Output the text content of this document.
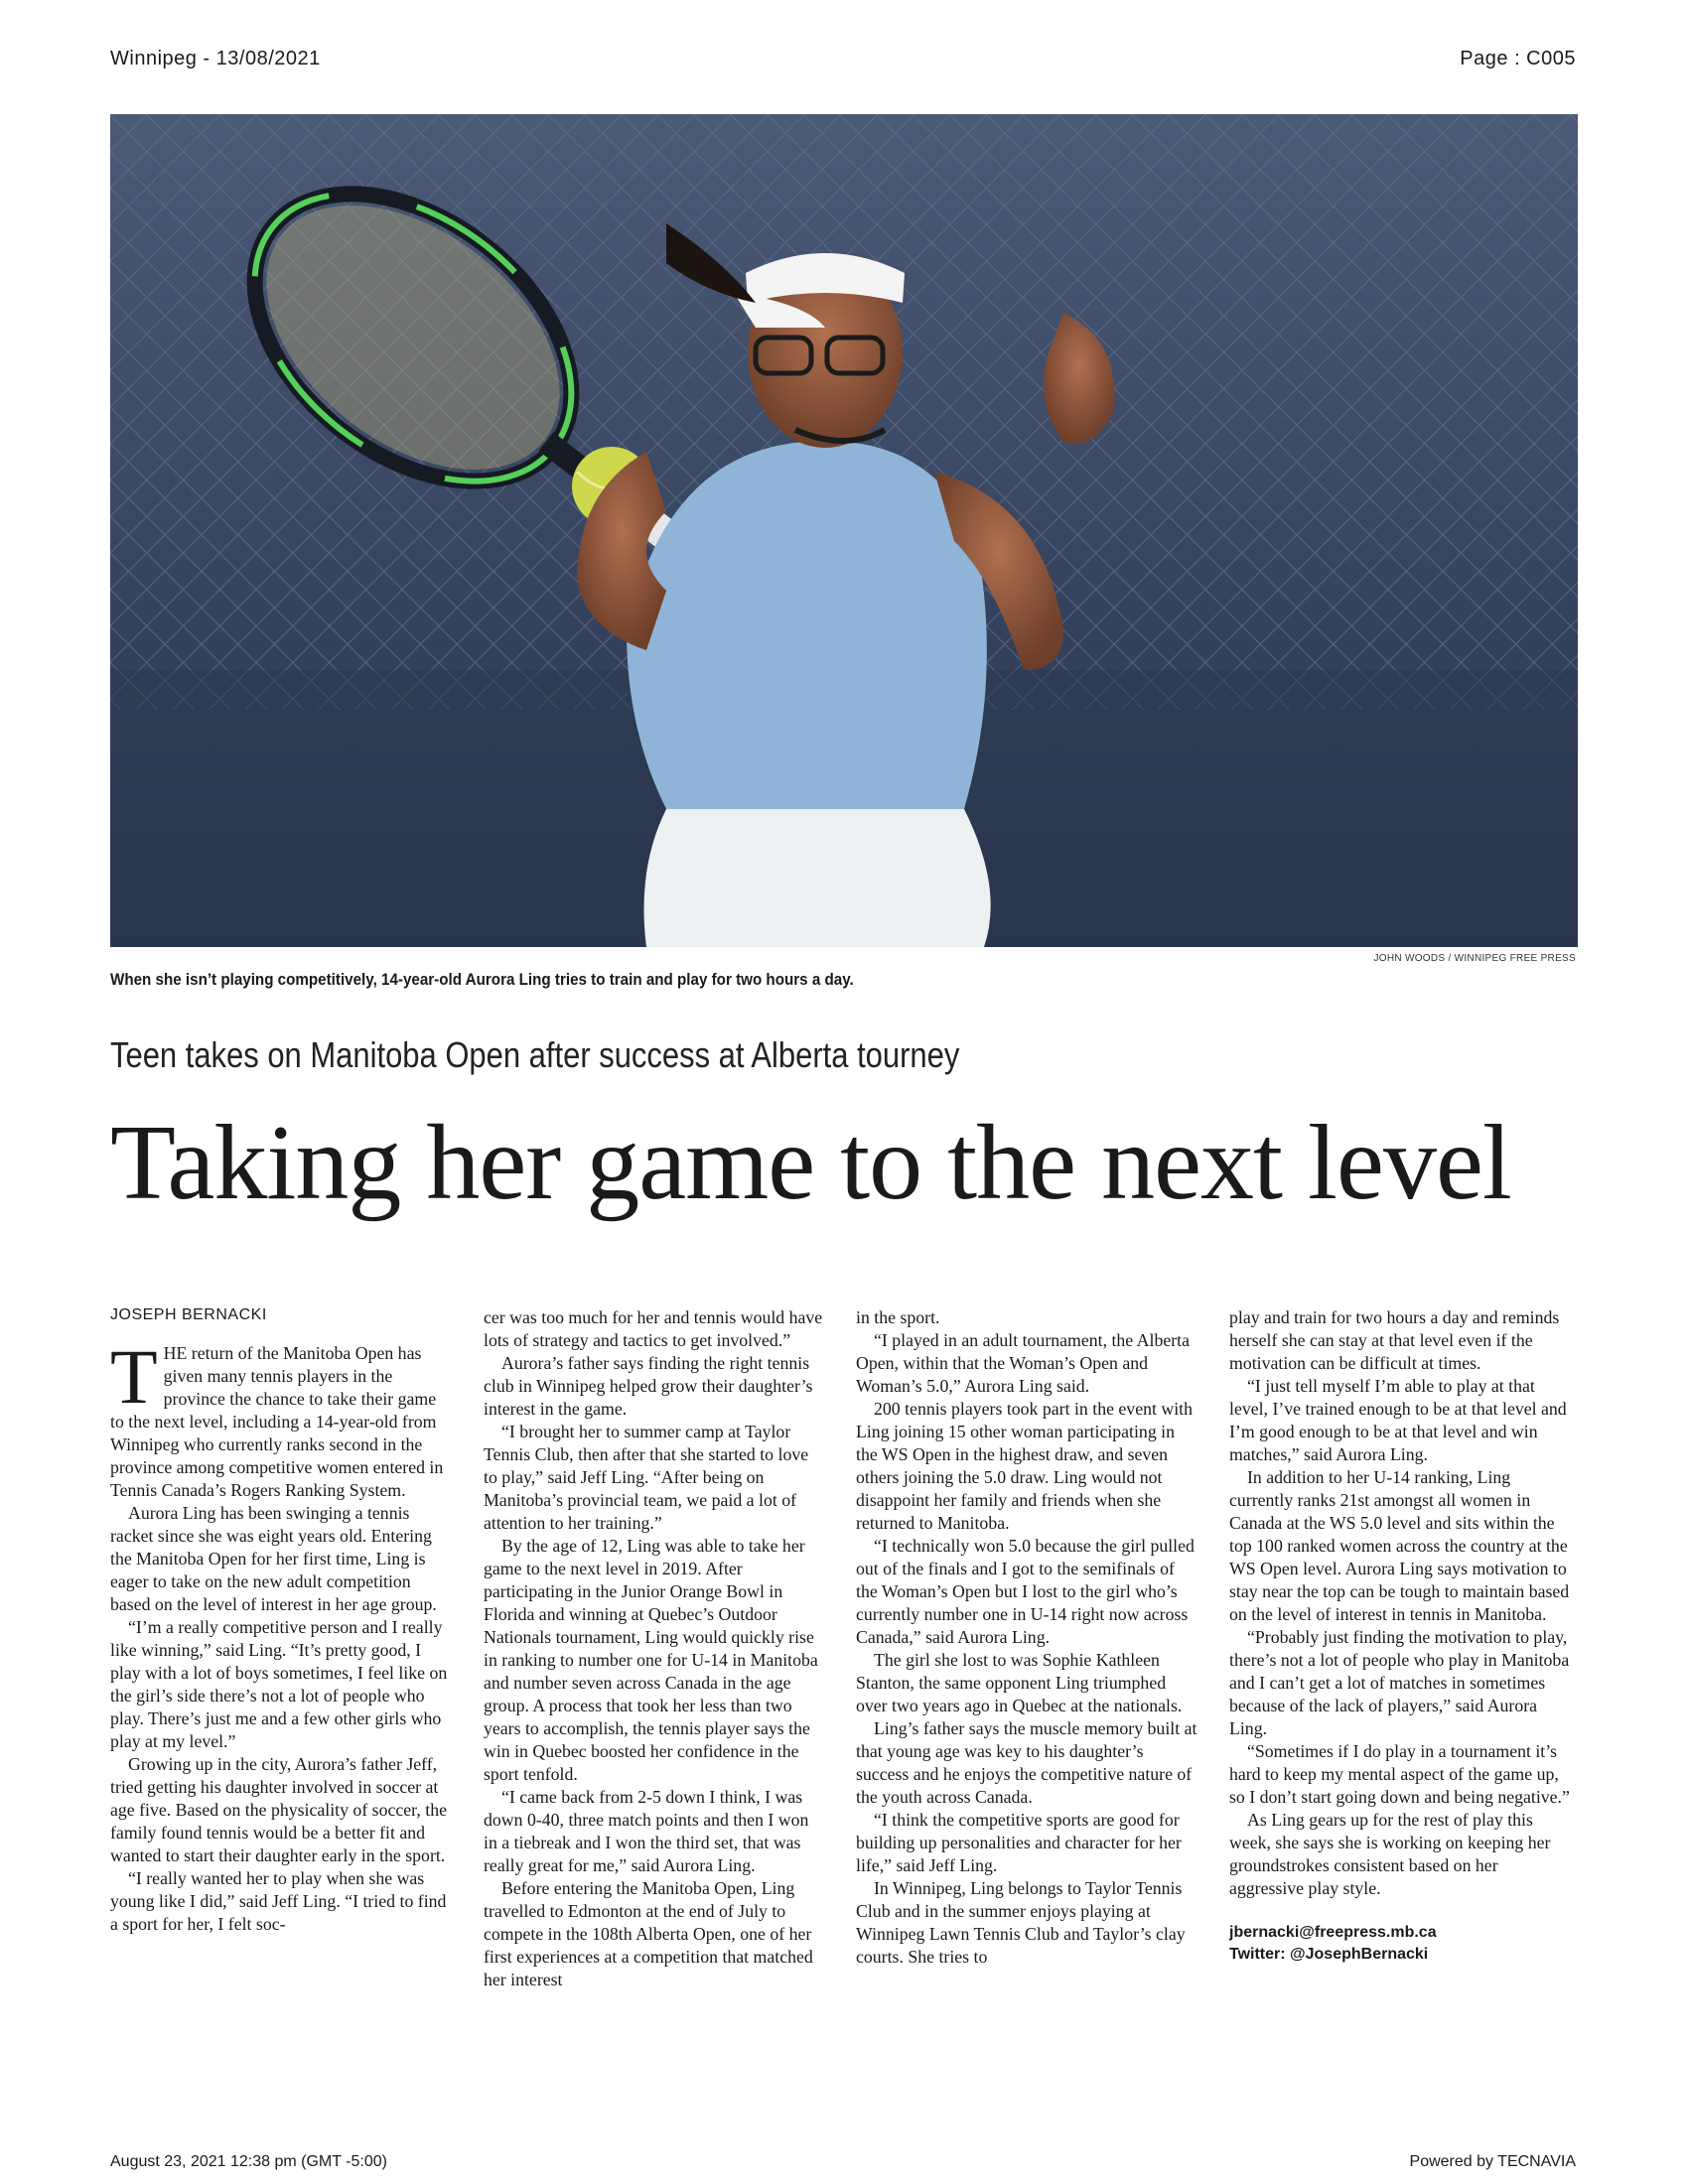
Winnipeg - 13/08/2021	Page : C005
JOHN WOODS / WINNIPEG FREE PRESS
When she isn’t playing competitively, 14-year-old Aurora Ling tries to train and play for two hours a day.
Teen takes on Manitoba Open after success at Alberta tourney
Taking her game to the next level
JOSEPH BERNACKI

THE return of the Manitoba Open has given many tennis players in the province the chance to take their game to the next level, including a 14-year-old from Winnipeg who currently ranks second in the province among competitive women entered in Tennis Canada’s Rogers Ranking System.

Aurora Ling has been swinging a tennis racket since she was eight years old. Entering the Manitoba Open for her first time, Ling is eager to take on the new adult competition based on the level of interest in her age group.

“I’m a really competitive person and I really like winning,” said Ling. “It’s pretty good, I play with a lot of boys sometimes, I feel like on the girl’s side there’s not a lot of people who play. There’s just me and a few other girls who play at my level.”

Growing up in the city, Aurora’s father Jeff, tried getting his daughter involved in soccer at age five. Based on the physicality of soccer, the family found tennis would be a better fit and wanted to start their daughter early in the sport.

“I really wanted her to play when she was young like I did,” said Jeff Ling. “I tried to find a sport for her, I felt soc-

cer was too much for her and tennis would have lots of strategy and tactics to get involved.”

Aurora’s father says finding the right tennis club in Winnipeg helped grow their daughter’s interest in the game.

“I brought her to summer camp at Taylor Tennis Club, then after that she started to love to play,” said Jeff Ling. “After being on Manitoba’s provincial team, we paid a lot of attention to her training.”

By the age of 12, Ling was able to take her game to the next level in 2019. After participating in the Junior Orange Bowl in Florida and winning at Quebec’s Outdoor Nationals tournament, Ling would quickly rise in ranking to number one for U-14 in Manitoba and number seven across Canada in the age group. A process that took her less than two years to accomplish, the tennis player says the win in Quebec boosted her confidence in the sport tenfold.

“I came back from 2-5 down I think, I was down 0-40, three match points and then I won in a tiebreak and I won the third set, that was really great for me,” said Aurora Ling.

Before entering the Manitoba Open, Ling travelled to Edmonton at the end of July to compete in the 108th Alberta Open, one of her first experiences at a competition that matched her interest

in the sport.

“I played in an adult tournament, the Alberta Open, within that the Woman’s Open and Woman’s 5.0,” Aurora Ling said.

200 tennis players took part in the event with Ling joining 15 other woman participating in the WS Open in the highest draw, and seven others joining the 5.0 draw. Ling would not disappoint her family and friends when she returned to Manitoba.

“I technically won 5.0 because the girl pulled out of the finals and I got to the semifinals of the Woman’s Open but I lost to the girl who’s currently number one in U-14 right now across Canada,” said Aurora Ling.

The girl she lost to was Sophie Kathleen Stanton, the same opponent Ling triumphed over two years ago in Quebec at the nationals.

Ling’s father says the muscle memory built at that young age was key to his daughter’s success and he enjoys the competitive nature of the youth across Canada.

“I think the competitive sports are good for building up personalities and character for her life,” said Jeff Ling.

In Winnipeg, Ling belongs to Taylor Tennis Club and in the summer enjoys playing at Winnipeg Lawn Tennis Club and Taylor’s clay courts. She tries to

play and train for two hours a day and reminds herself she can stay at that level even if the motivation can be difficult at times.

“I just tell myself I’m able to play at that level, I’ve trained enough to be at that level and I’m good enough to be at that level and win matches,” said Aurora Ling.

In addition to her U-14 ranking, Ling currently ranks 21st amongst all women in Canada at the WS 5.0 level and sits within the top 100 ranked women across the country at the WS Open level. Aurora Ling says motivation to stay near the top can be tough to maintain based on the level of interest in tennis in Manitoba.

“Probably just finding the motivation to play, there’s not a lot of people who play in Manitoba and I can’t get a lot of matches in sometimes because of the lack of players,” said Aurora Ling.

“Sometimes if I do play in a tournament it’s hard to keep my mental aspect of the game up, so I don’t start going down and being negative.”

As Ling gears up for the rest of play this week, she says she is working on keeping her groundstrokes consistent based on her aggressive play style.

jbernacki@freepress.mb.ca
Twitter: @JosephBernacki
August 23, 2021 12:38 pm (GMT -5:00)	Powered by TECNAVIA
